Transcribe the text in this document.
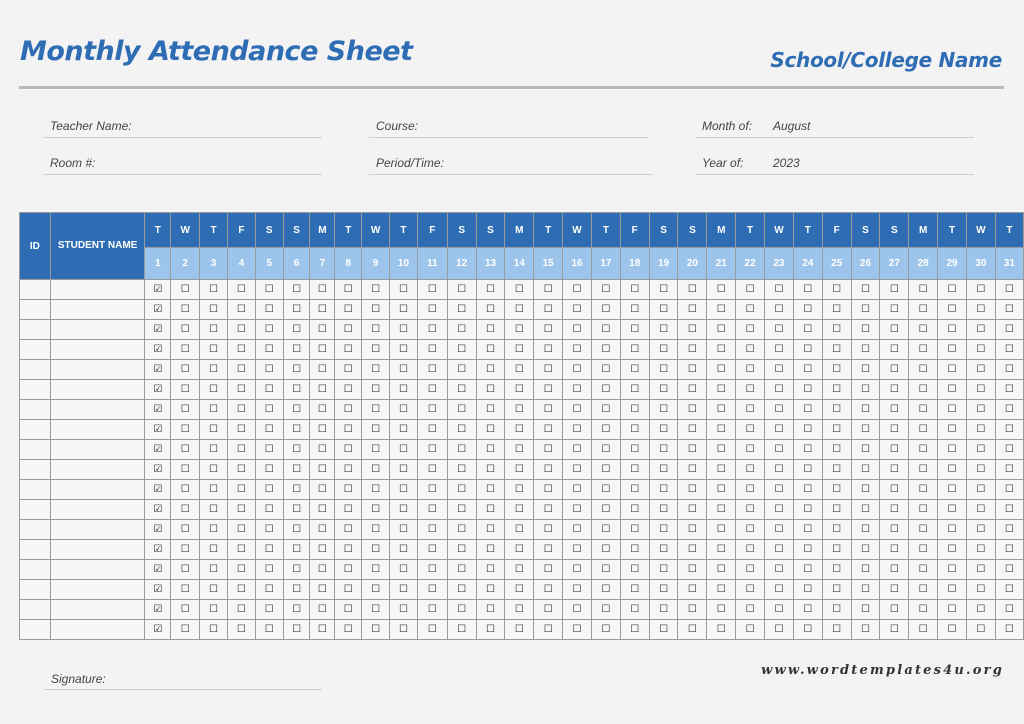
Monthly Attendance Sheet	School/College Name
Teacher Name:	Course:	Month of: August
Room #:	Period/Time:	Year of: 2023
ID	STUDENT NAME	T	W	T	F	S	S	M	T	W	T	F	S	S	M	T	W	T	F	S	S	M	T	W	T	F	S	S	M	T	W	T
		1	2	3	4	5	6	7	8	9	10	11	12	13	14	15	16	17	18	19	20	21	22	23	24	25	26	27	28	29	30	31
		☑	☐	☐	☐	☐	☐	☐	☐	☐	☐	☐	☐	☐	☐	☐	☐	☐	☐	☐	☐	☐	☐	☐	☐	☐	☐	☐	☐	☐	☐	☐
		☑	☐	☐	☐	☐	☐	☐	☐	☐	☐	☐	☐	☐	☐	☐	☐	☐	☐	☐	☐	☐	☐	☐	☐	☐	☐	☐	☐	☐	☐	☐
		☑	☐	☐	☐	☐	☐	☐	☐	☐	☐	☐	☐	☐	☐	☐	☐	☐	☐	☐	☐	☐	☐	☐	☐	☐	☐	☐	☐	☐	☐	☐
		☑	☐	☐	☐	☐	☐	☐	☐	☐	☐	☐	☐	☐	☐	☐	☐	☐	☐	☐	☐	☐	☐	☐	☐	☐	☐	☐	☐	☐	☐	☐
		☑	☐	☐	☐	☐	☐	☐	☐	☐	☐	☐	☐	☐	☐	☐	☐	☐	☐	☐	☐	☐	☐	☐	☐	☐	☐	☐	☐	☐	☐	☐
		☑	☐	☐	☐	☐	☐	☐	☐	☐	☐	☐	☐	☐	☐	☐	☐	☐	☐	☐	☐	☐	☐	☐	☐	☐	☐	☐	☐	☐	☐	☐
		☑	☐	☐	☐	☐	☐	☐	☐	☐	☐	☐	☐	☐	☐	☐	☐	☐	☐	☐	☐	☐	☐	☐	☐	☐	☐	☐	☐	☐	☐	☐
		☑	☐	☐	☐	☐	☐	☐	☐	☐	☐	☐	☐	☐	☐	☐	☐	☐	☐	☐	☐	☐	☐	☐	☐	☐	☐	☐	☐	☐	☐	☐
		☑	☐	☐	☐	☐	☐	☐	☐	☐	☐	☐	☐	☐	☐	☐	☐	☐	☐	☐	☐	☐	☐	☐	☐	☐	☐	☐	☐	☐	☐	☐
		☑	☐	☐	☐	☐	☐	☐	☐	☐	☐	☐	☐	☐	☐	☐	☐	☐	☐	☐	☐	☐	☐	☐	☐	☐	☐	☐	☐	☐	☐	☐
		☑	☐	☐	☐	☐	☐	☐	☐	☐	☐	☐	☐	☐	☐	☐	☐	☐	☐	☐	☐	☐	☐	☐	☐	☐	☐	☐	☐	☐	☐	☐
		☑	☐	☐	☐	☐	☐	☐	☐	☐	☐	☐	☐	☐	☐	☐	☐	☐	☐	☐	☐	☐	☐	☐	☐	☐	☐	☐	☐	☐	☐	☐
		☑	☐	☐	☐	☐	☐	☐	☐	☐	☐	☐	☐	☐	☐	☐	☐	☐	☐	☐	☐	☐	☐	☐	☐	☐	☐	☐	☐	☐	☐	☐
		☑	☐	☐	☐	☐	☐	☐	☐	☐	☐	☐	☐	☐	☐	☐	☐	☐	☐	☐	☐	☐	☐	☐	☐	☐	☐	☐	☐	☐	☐	☐
		☑	☐	☐	☐	☐	☐	☐	☐	☐	☐	☐	☐	☐	☐	☐	☐	☐	☐	☐	☐	☐	☐	☐	☐	☐	☐	☐	☐	☐	☐	☐
		☑	☐	☐	☐	☐	☐	☐	☐	☐	☐	☐	☐	☐	☐	☐	☐	☐	☐	☐	☐	☐	☐	☐	☐	☐	☐	☐	☐	☐	☐	☐
		☑	☐	☐	☐	☐	☐	☐	☐	☐	☐	☐	☐	☐	☐	☐	☐	☐	☐	☐	☐	☐	☐	☐	☐	☐	☐	☐	☐	☐	☐	☐
		☑	☐	☐	☐	☐	☐	☐	☐	☐	☐	☐	☐	☐	☐	☐	☐	☐	☐	☐	☐	☐	☐	☐	☐	☐	☐	☐	☐	☐	☐	☐
Signature:
www.wordtemplates4u.org
